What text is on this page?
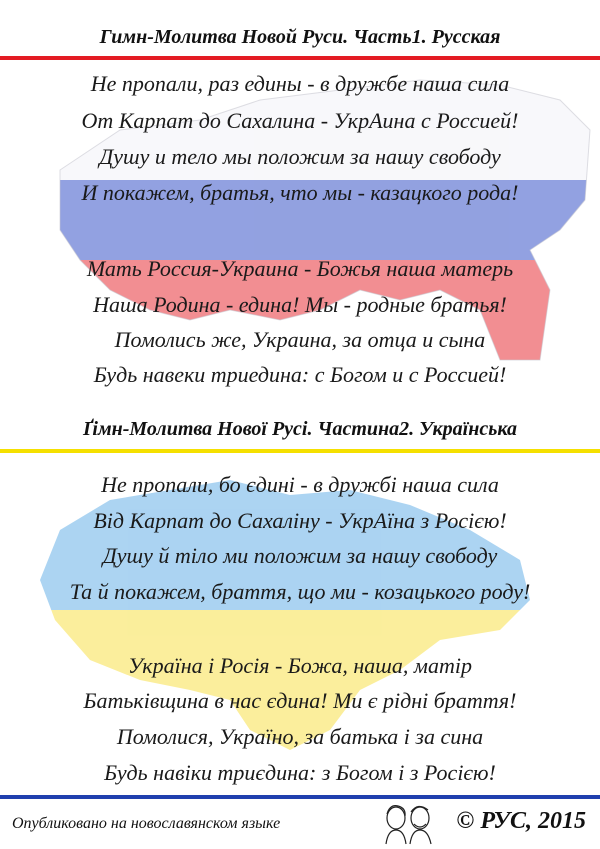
Гимн-Молитва Новой Руси. Часть1. Русская
Не пропали, раз едины - в дружбе наша сила
От Карпат до Сахалина - УкрАина с Россией!
Душу и тело мы положим за нашу свободу
И покажем, братья, что мы - казацкого рода!
Мать Россия-Украина - Божья наша матерь
Наша Родина - едина! Мы - родные братья!
Помолись же, Украина, за отца и сына
Будь навеки триедина: с Богом и с Россией!
Ґімн-Молитва Нової Русі. Частина2. Українська
Не пропали, бо єдині - в дружбі наша сила
Від Карпат до Сахаліну - УкрАїна з Росією!
Душу й тіло ми положим за нашу свободу
Та й покажем, браття, що ми - козацького роду!
Україна і Росія - Божа, наша, матір
Батьківщина в нас єдина! Ми є рідні браття!
Помолися, Україно, за батька і за сина
Будь навіки триєдина: з Богом і з Росією!
Опубликовано на новославянском языке	© РУС, 2015
